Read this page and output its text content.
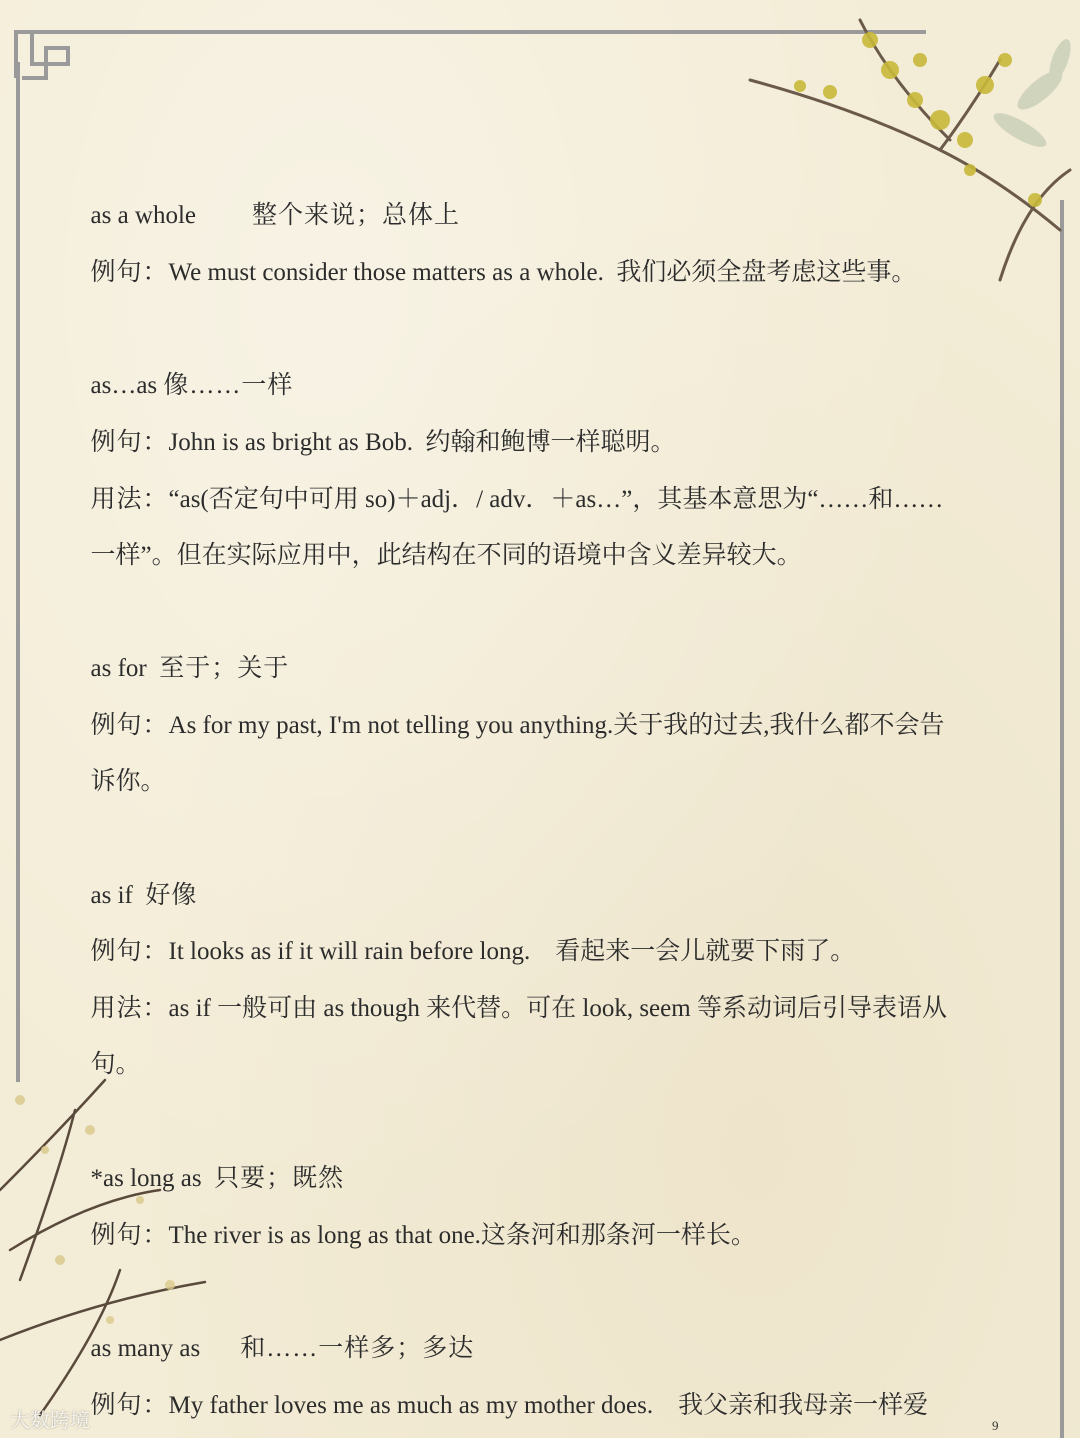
as a whole 整个来说；总体上

例句：We must consider those matters as a whole.  我们必须全盘考虑这些事。

as…as 像……一样

例句：John is as bright as Bob.  约翰和鲍博一样聪明。

用法：“as(否定句中可用 so)＋adj．/ adv．＋as…”，其基本意思为“……和……

一样”。但在实际应用中，此结构在不同的语境中含义差异较大。

as for 至于；关于

例句：As for my past, I'm not telling you anything.关于我的过去,我什么都不会告

诉你。

as if 好像

例句：It looks as if it will rain before long.    看起来一会儿就要下雨了。

用法：as if 一般可由 as though 来代替。可在 look, seem 等系动词后引导表语从

句。

*as long as 只要；既然

例句：The river is as long as that one.这条河和那条河一样长。

as many as 和……一样多；多达

例句：My father loves me as much as my mother does.    我父亲和我母亲一样爱

9
大数跨境
